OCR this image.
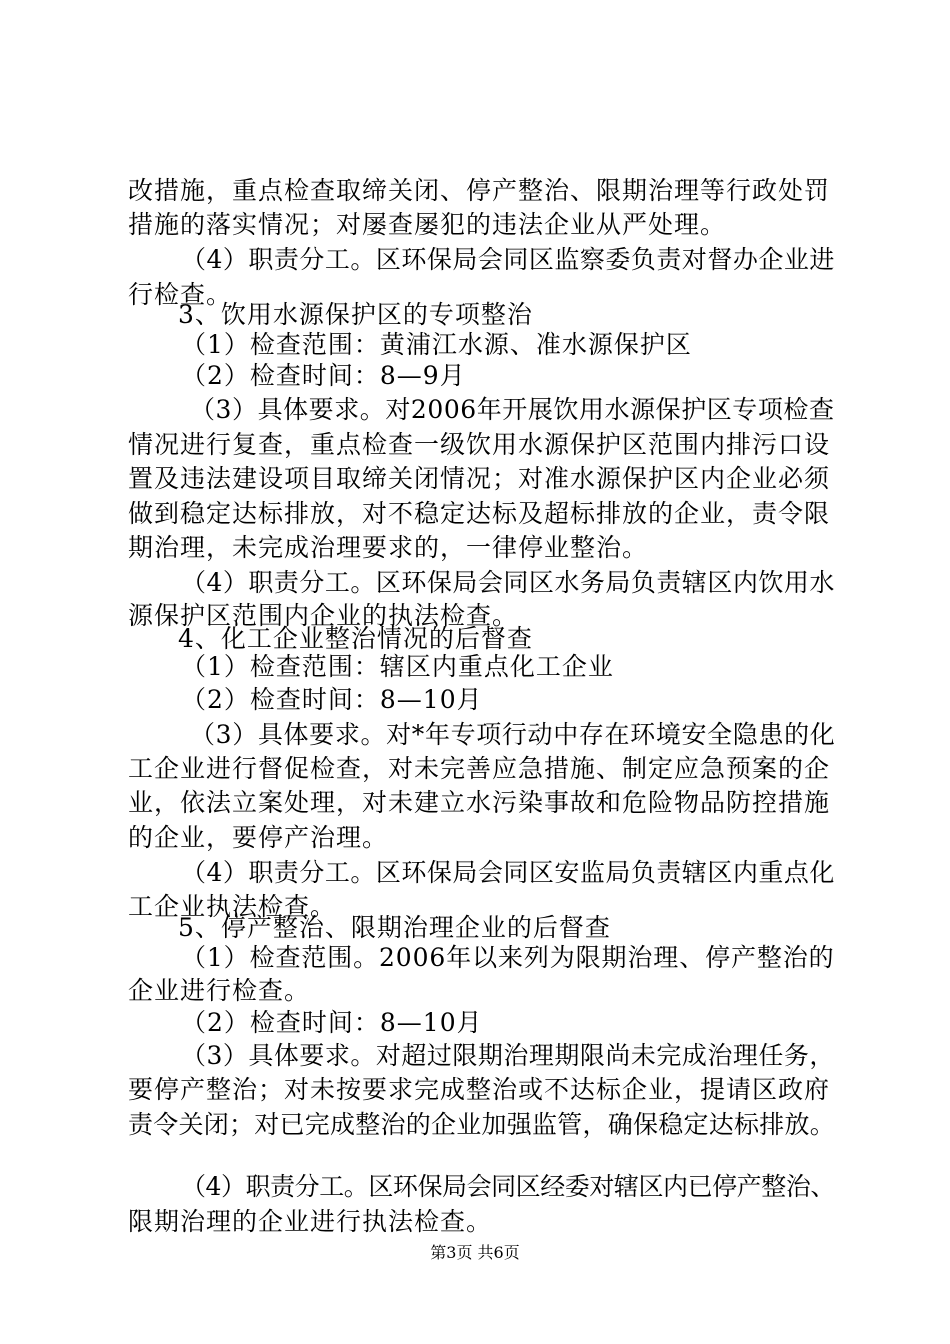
改措施，重点检查取缔关闭、停产整治、限期治理等行政处罚
措施的落实情况；对屡查屡犯的违法企业从严处理。
（4）职责分工。区环保局会同区监察委负责对督办企业进
行检查。
3、饮用水源保护区的专项整治
（1）检查范围：黄浦江水源、准水源保护区
（2）检查时间：8—9月
（3）具体要求。对2006年开展饮用水源保护区专项检查
情况进行复查，重点检查一级饮用水源保护区范围内排污口设
置及违法建设项目取缔关闭情况；对准水源保护区内企业必须
做到稳定达标排放，对不稳定达标及超标排放的企业，责令限
期治理，未完成治理要求的，一律停业整治。
（4）职责分工。区环保局会同区水务局负责辖区内饮用水
源保护区范围内企业的执法检查。
4、化工企业整治情况的后督查
（1）检查范围：辖区内重点化工企业
（2）检查时间：8—10月
（3）具体要求。对*年专项行动中存在环境安全隐患的化
工企业进行督促检查，对未完善应急措施、制定应急预案的企
业，依法立案处理，对未建立水污染事故和危险物品防控措施
的企业，要停产治理。
（4）职责分工。区环保局会同区安监局负责辖区内重点化
工企业执法检查。
5、停产整治、限期治理企业的后督查
（1）检查范围。2006年以来列为限期治理、停产整治的
企业进行检查。
（2）检查时间：8—10月
（3）具体要求。对超过限期治理期限尚未完成治理任务，
要停产整治；对未按要求完成整治或不达标企业，提请区政府
责令关闭；对已完成整治的企业加强监管，确保稳定达标排放。
（4）职责分工。区环保局会同区经委对辖区内已停产整治、
限期治理的企业进行执法检查。
第3页 共6页
